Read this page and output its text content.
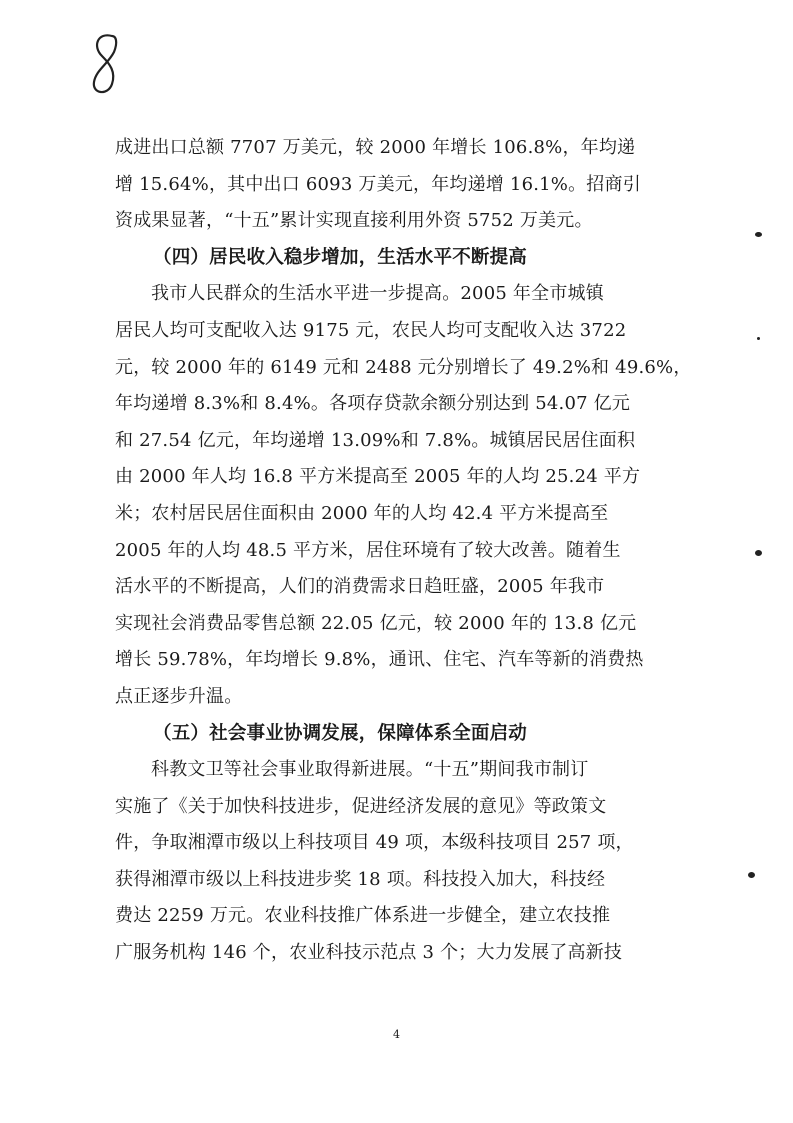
成进出口总额 7707 万美元，较 2000 年增长 106.8%，年均递
增 15.64%，其中出口 6093 万美元，年均递增 16.1%。招商引
资成果显著，“十五”累计实现直接利用外资 5752 万美元。
（四）居民收入稳步增加，生活水平不断提高
我市人民群众的生活水平进一步提高。2005 年全市城镇
居民人均可支配收入达 9175 元，农民人均可支配收入达 3722
元，较 2000 年的 6149 元和 2488 元分别增长了 49.2%和 49.6%，
年均递增 8.3%和 8.4%。各项存贷款余额分别达到 54.07 亿元
和 27.54 亿元，年均递增 13.09%和 7.8%。城镇居民居住面积
由 2000 年人均 16.8 平方米提高至 2005 年的人均 25.24 平方
米；农村居民居住面积由 2000 年的人均 42.4 平方米提高至
2005 年的人均 48.5 平方米，居住环境有了较大改善。随着生
活水平的不断提高，人们的消费需求日趋旺盛，2005 年我市
实现社会消费品零售总额 22.05 亿元，较 2000 年的 13.8 亿元
增长 59.78%，年均增长 9.8%，通讯、住宅、汽车等新的消费热
点正逐步升温。
（五）社会事业协调发展，保障体系全面启动
科教文卫等社会事业取得新进展。“十五”期间我市制订
实施了《关于加快科技进步，促进经济发展的意见》等政策文
件，争取湘潭市级以上科技项目 49 项，本级科技项目 257 项，
获得湘潭市级以上科技进步奖 18 项。科技投入加大，科技经
费达 2259 万元。农业科技推广体系进一步健全，建立农技推
广服务机构 146 个，农业科技示范点 3 个；大力发展了高新技
4
